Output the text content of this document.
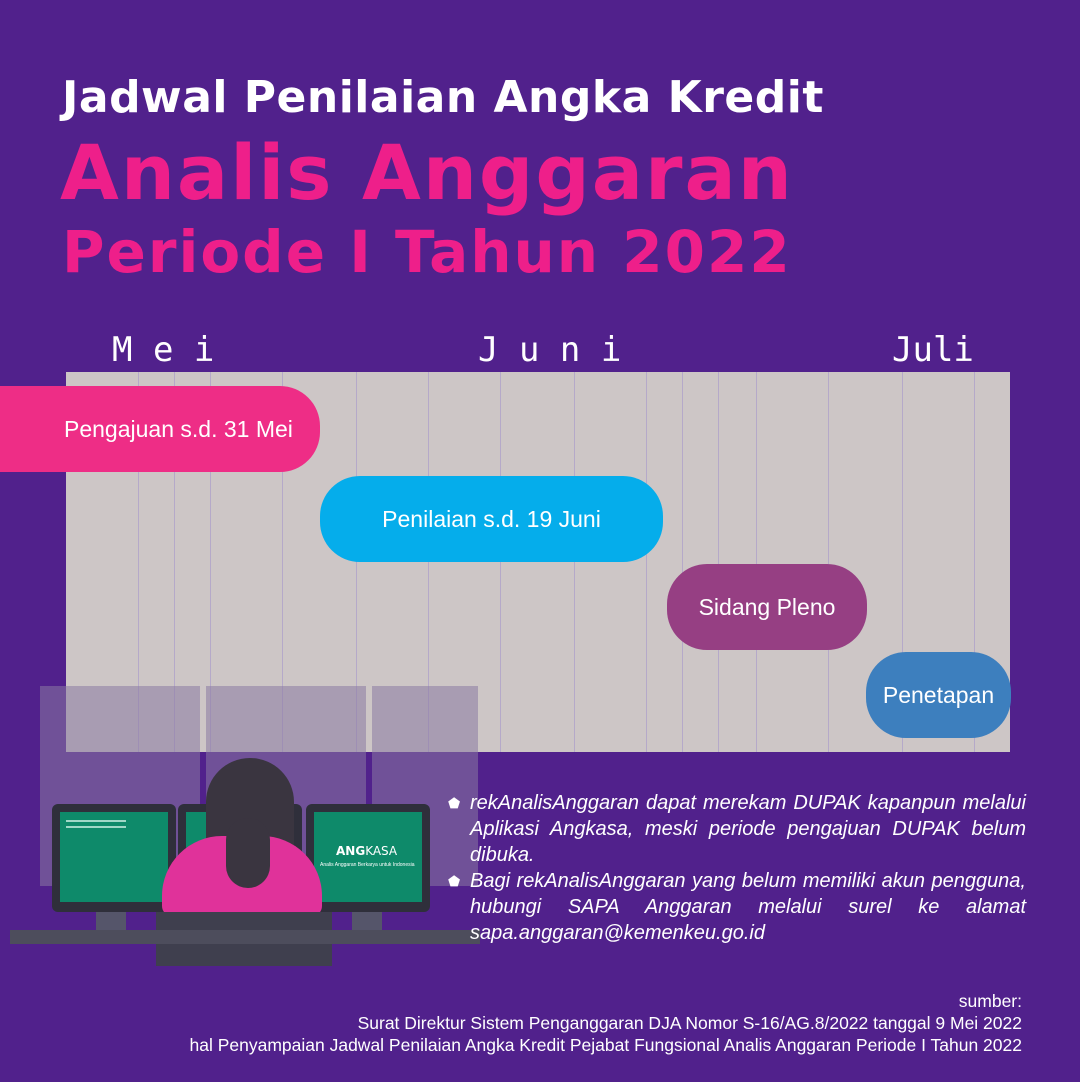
Jadwal Penilaian Angka Kredit
Analis Anggaran
Periode I Tahun 2022
M e i	J u n i	Juli
Pengajuan s.d. 31 Mei
Penilaian s.d. 19 Juni
Sidang Pleno
Penetapan
ANGKASA
Analis Anggaran Berkarya untuk Indonesia
⬟ rekAnalisAnggaran dapat merekam DUPAK kapanpun melalui Aplikasi Angkasa, meski periode pengajuan DUPAK belum dibuka.
⬟ Bagi rekAnalisAnggaran yang belum memiliki akun pengguna, hubungi SAPA Anggaran melalui surel ke alamat sapa.anggaran@kemenkeu.go.id
sumber:
Surat Direktur Sistem Penganggaran DJA Nomor S-16/AG.8/2022 tanggal 9 Mei 2022
hal Penyampaian Jadwal Penilaian Angka Kredit Pejabat Fungsional Analis Anggaran Periode I Tahun 2022
